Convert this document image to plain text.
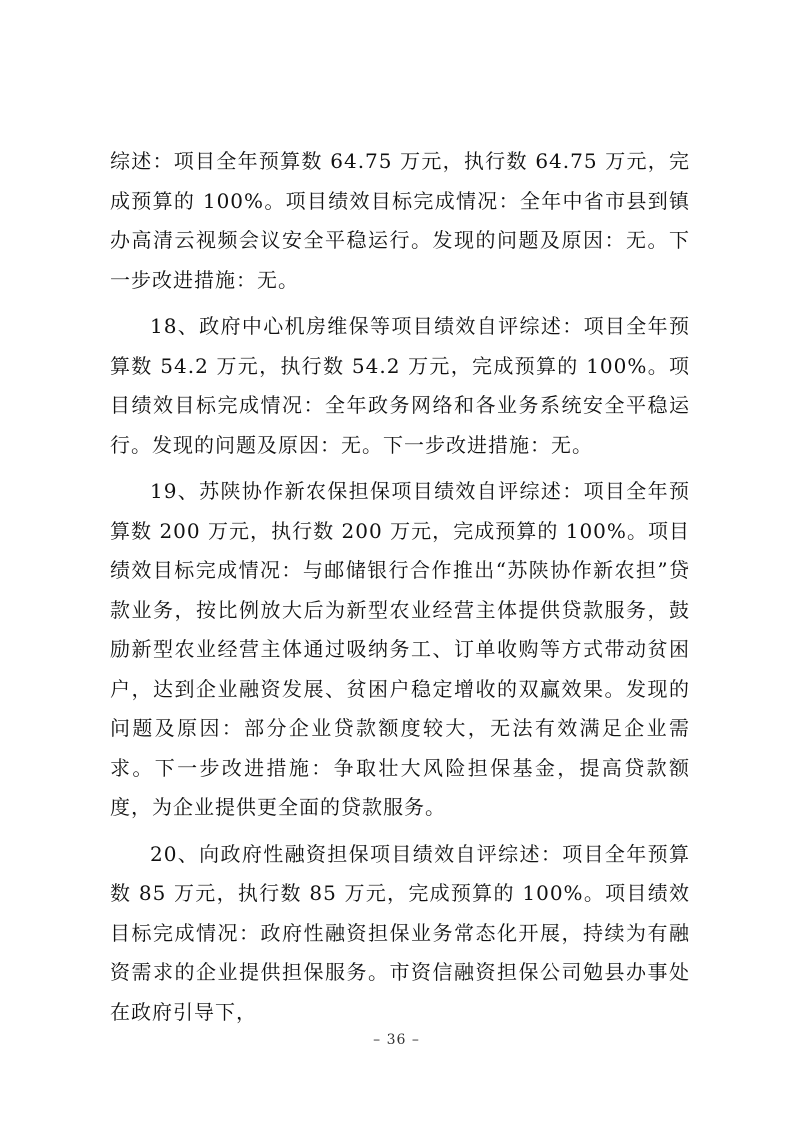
综述：项目全年预算数 64.75 万元，执行数 64.75 万元，完成预算的 100%。项目绩效目标完成情况：全年中省市县到镇办高清云视频会议安全平稳运行。发现的问题及原因：无。下一步改进措施：无。

18、政府中心机房维保等项目绩效自评综述：项目全年预算数 54.2 万元，执行数 54.2 万元，完成预算的 100%。项目绩效目标完成情况：全年政务网络和各业务系统安全平稳运行。发现的问题及原因：无。下一步改进措施：无。

19、苏陕协作新农保担保项目绩效自评综述：项目全年预算数 200 万元，执行数 200 万元，完成预算的 100%。项目绩效目标完成情况：与邮储银行合作推出“苏陕协作新农担”贷款业务，按比例放大后为新型农业经营主体提供贷款服务，鼓励新型农业经营主体通过吸纳务工、订单收购等方式带动贫困户，达到企业融资发展、贫困户稳定增收的双赢效果。发现的问题及原因：部分企业贷款额度较大，无法有效满足企业需求。下一步改进措施：争取壮大风险担保基金，提高贷款额度，为企业提供更全面的贷款服务。

20、向政府性融资担保项目绩效自评综述：项目全年预算数 85 万元，执行数 85 万元，完成预算的 100%。项目绩效目标完成情况：政府性融资担保业务常态化开展，持续为有融资需求的企业提供担保服务。市资信融资担保公司勉县办事处在政府引导下，

– 36 –
